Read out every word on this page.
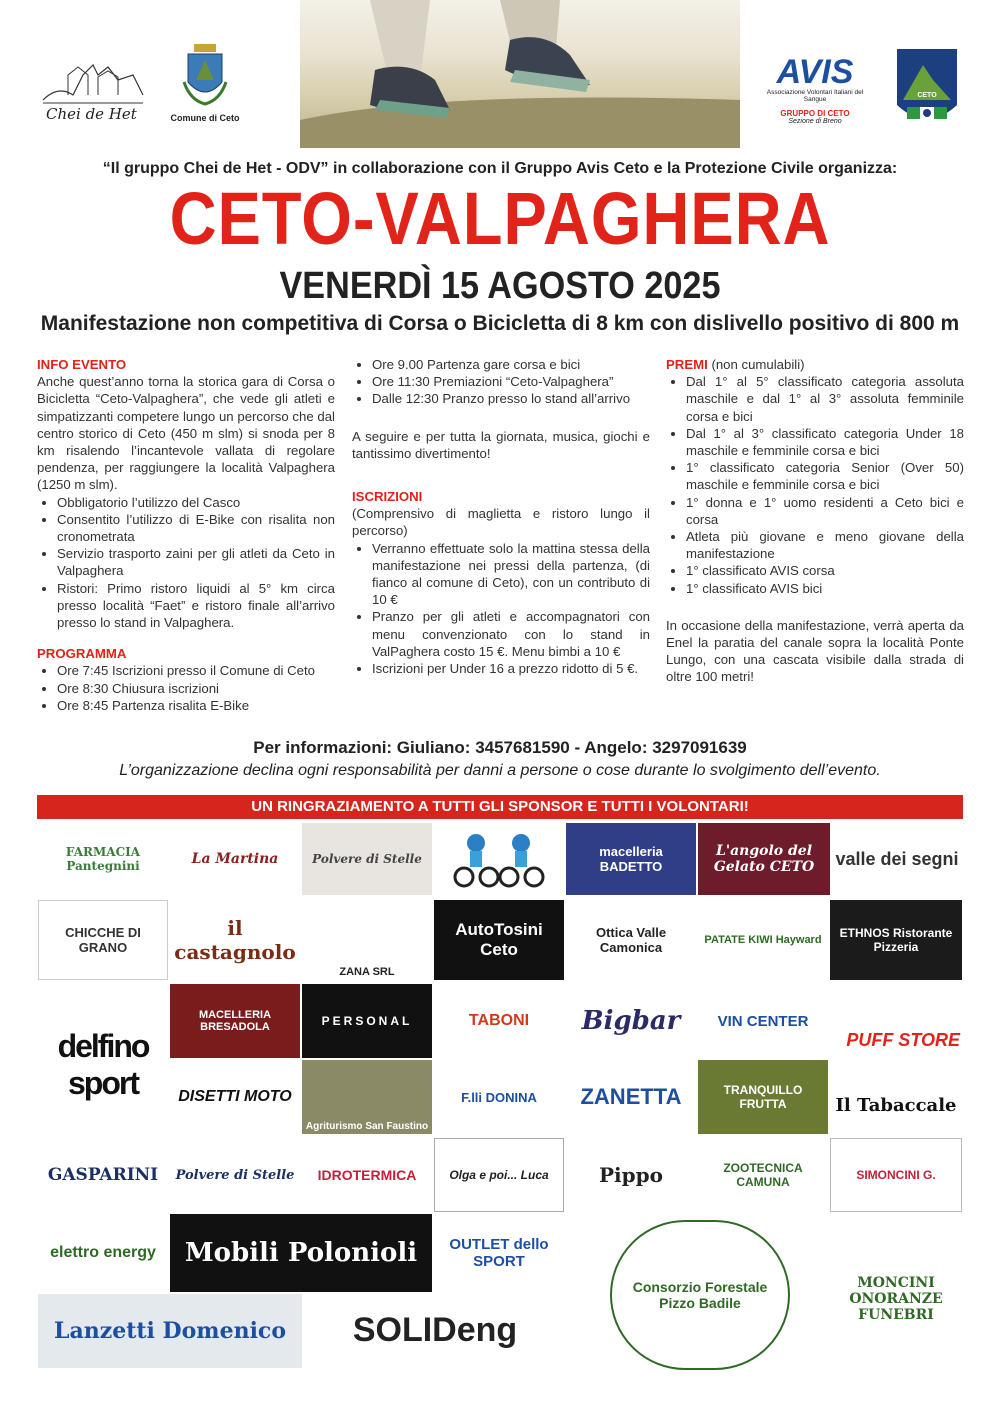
Chei de Het	Comune di Ceto
AVIS
Associazione Volontari Italiani del Sangue
GRUPPO DI CETO
Sezione di Breno
CETO
“Il gruppo Chei de Het - ODV” in collaborazione con il Gruppo Avis Ceto e la Protezione Civile organizza:
CETO-VALPAGHERA
VENERDÌ 15 AGOSTO 2025
Manifestazione non competitiva di Corsa o Bicicletta di 8 km con dislivello positivo di 800 m

INFO EVENTO

Anche quest’anno torna la storica gara di Corsa o Bicicletta “Ceto-Valpaghera”, che vede gli atleti e simpatizzanti competere lungo un percorso che dal centro storico di Ceto (450 m slm) si snoda per 8 km risalendo l’incantevole vallata di regolare pendenza, per raggiungere la località Valpaghera (1250 m slm).

• Obbligatorio l’utilizzo del Casco
• Consentito l’utilizzo di E-Bike con risalita non cronometrata
• Servizio trasporto zaini per gli atleti da Ceto in Valpaghera
• Ristori: Primo ristoro liquidi al 5° km circa presso località “Faet” e ristoro finale all’arrivo presso lo stand in Valpaghera.

PROGRAMMA

• Ore 7:45 Iscrizioni presso il Comune di Ceto
• Ore 8:30 Chiusura iscrizioni
• Ore 8:45 Partenza risalita E-Bike
• Ore 9.00 Partenza gare corsa e bici
• Ore 11:30 Premiazioni “Ceto-Valpaghera”
• Dalle 12:30 Pranzo presso lo stand all’arrivo

A seguire e per tutta la giornata, musica, giochi e tantissimo divertimento!

ISCRIZIONI

(Comprensivo di maglietta e ristoro lungo il percorso)

• Verranno effettuate solo la mattina stessa della manifestazione nei pressi della partenza, (di fianco al comune di Ceto), con un contributo di 10 €
• Pranzo per gli atleti e accompagnatori con menu convenzionato con lo stand in ValPaghera costo 15 €. Menu bimbi a 10 €
• Iscrizioni per Under 16 a prezzo ridotto di 5 €.

PREMI (non cumulabili)

• Dal 1° al 5° classificato categoria assoluta maschile e dal 1° al 3° assoluta femminile corsa e bici
• Dal 1° al 3° classificato categoria Under 18 maschile e femminile corsa e bici
• 1° classificato categoria Senior (Over 50) maschile e femminile corsa e bici
• 1° donna e 1° uomo residenti a Ceto bici e corsa
• Atleta più giovane e meno giovane della manifestazione
• 1° classificato AVIS corsa
• 1° classificato AVIS bici

In occasione della manifestazione, verrà aperta da Enel la paratia del canale sopra la località Ponte Lungo, con una cascata visibile dalla strada di oltre 100 metri!

Per informazioni: Giuliano: 3457681590 - Angelo: 3297091639
L’organizzazione declina ogni responsabilità per danni a persone o cose durante lo svolgimento dell’evento.
UN RINGRAZIAMENTO A TUTTI GLI SPONSOR E TUTTI I VOLONTARI!
FARMACIA Pantegnini	La Martina	Polvere di Stelle	macelleria BADETTO
L'angolo del Gelato CETO	valle dei segni
CHICCHE DI GRANO
il castagnolo
ZANA SRL
AutoTosini Ceto
Ottica Valle Camonica	PATATE KIWI Hayward	ETHNOS Ristorante Pizzeria
delfino sport
MACELLERIA BRESADOLA	PERSONAL	TABONI Bigbar VIN CENTER
PUFF STORE
Il Tabaccale
DISETTI MOTO
Agriturismo San Faustino
F.lli DONINA ZANETTA	TRANQUILLO FRUTTA
GASPARINI Polvere di Stelle IDROTERMICA	Olga e poi... Luca	Pippo	ZOOTECNICA CAMUNA	SIMONCINI G.
elettro energy Mobili Polonioli	OUTLET dello SPORT
Consorzio Forestale Pizzo Badile
MONCINI ONORANZE FUNEBRI
Lanzetti Domenico SOLIDeng
